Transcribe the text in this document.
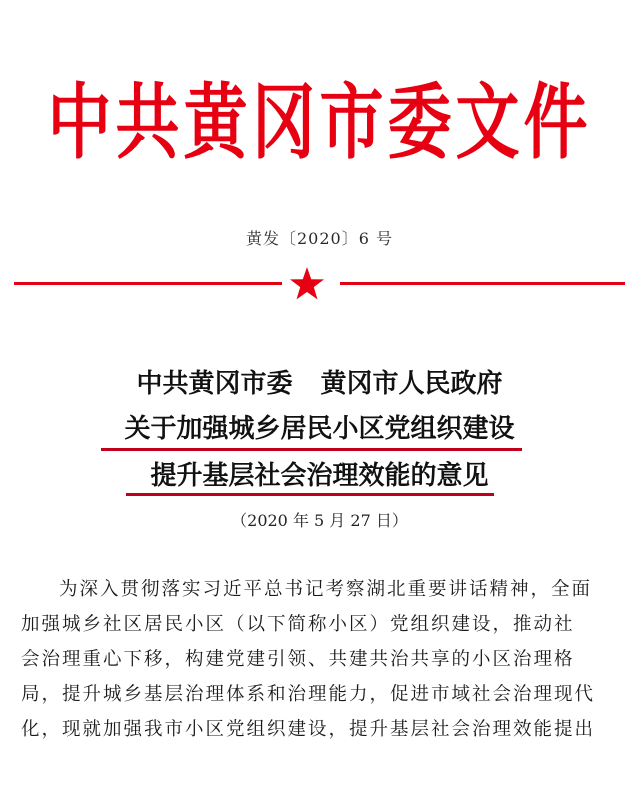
中共黄冈市委文件
黄发〔2020〕6 号
中共黄冈市委 黄冈市人民政府
关于加强城乡居民小区党组织建设
提升基层社会治理效能的意见
（2020 年 5 月 27 日）
为深入贯彻落实习近平总书记考察湖北重要讲话精神，全面
加强城乡社区居民小区（以下简称小区）党组织建设，推动社
会治理重心下移，构建党建引领、共建共治共享的小区治理格
局，提升城乡基层治理体系和治理能力，促进市域社会治理现代
化，现就加强我市小区党组织建设，提升基层社会治理效能提出
